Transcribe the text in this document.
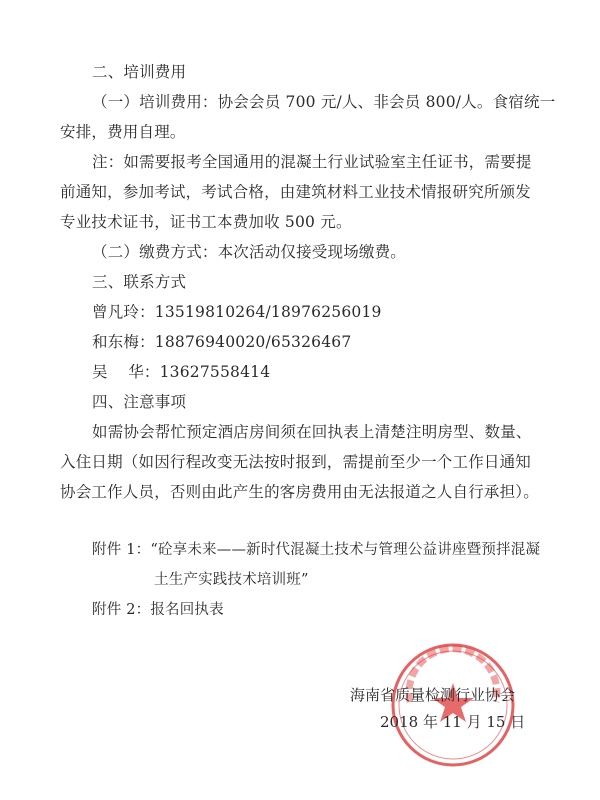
二、培训费用
（一）培训费用：协会会员 700 元/人、非会员 800/人。食宿统一
安排，费用自理。
注：如需要报考全国通用的混凝土行业试验室主任证书，需要提
前通知，参加考试，考试合格，由建筑材料工业技术情报研究所颁发
专业技术证书，证书工本费加收 500 元。
（二）缴费方式：本次活动仅接受现场缴费。
三、联系方式
曾凡玲：13519810264/18976256019
和东梅：18876940020/65326467
吴    华：13627558414
四、注意事项
如需协会帮忙预定酒店房间须在回执表上清楚注明房型、数量、
入住日期（如因行程改变无法按时报到，需提前至少一个工作日通知
协会工作人员，否则由此产生的客房费用由无法报道之人自行承担）。
附件 1：“砼享未来——新时代混凝土技术与管理公益讲座暨预拌混凝
土生产实践技术培训班”
附件 2：报名回执表
海南省质量检测行业协会
2018 年 11 月 15 日
